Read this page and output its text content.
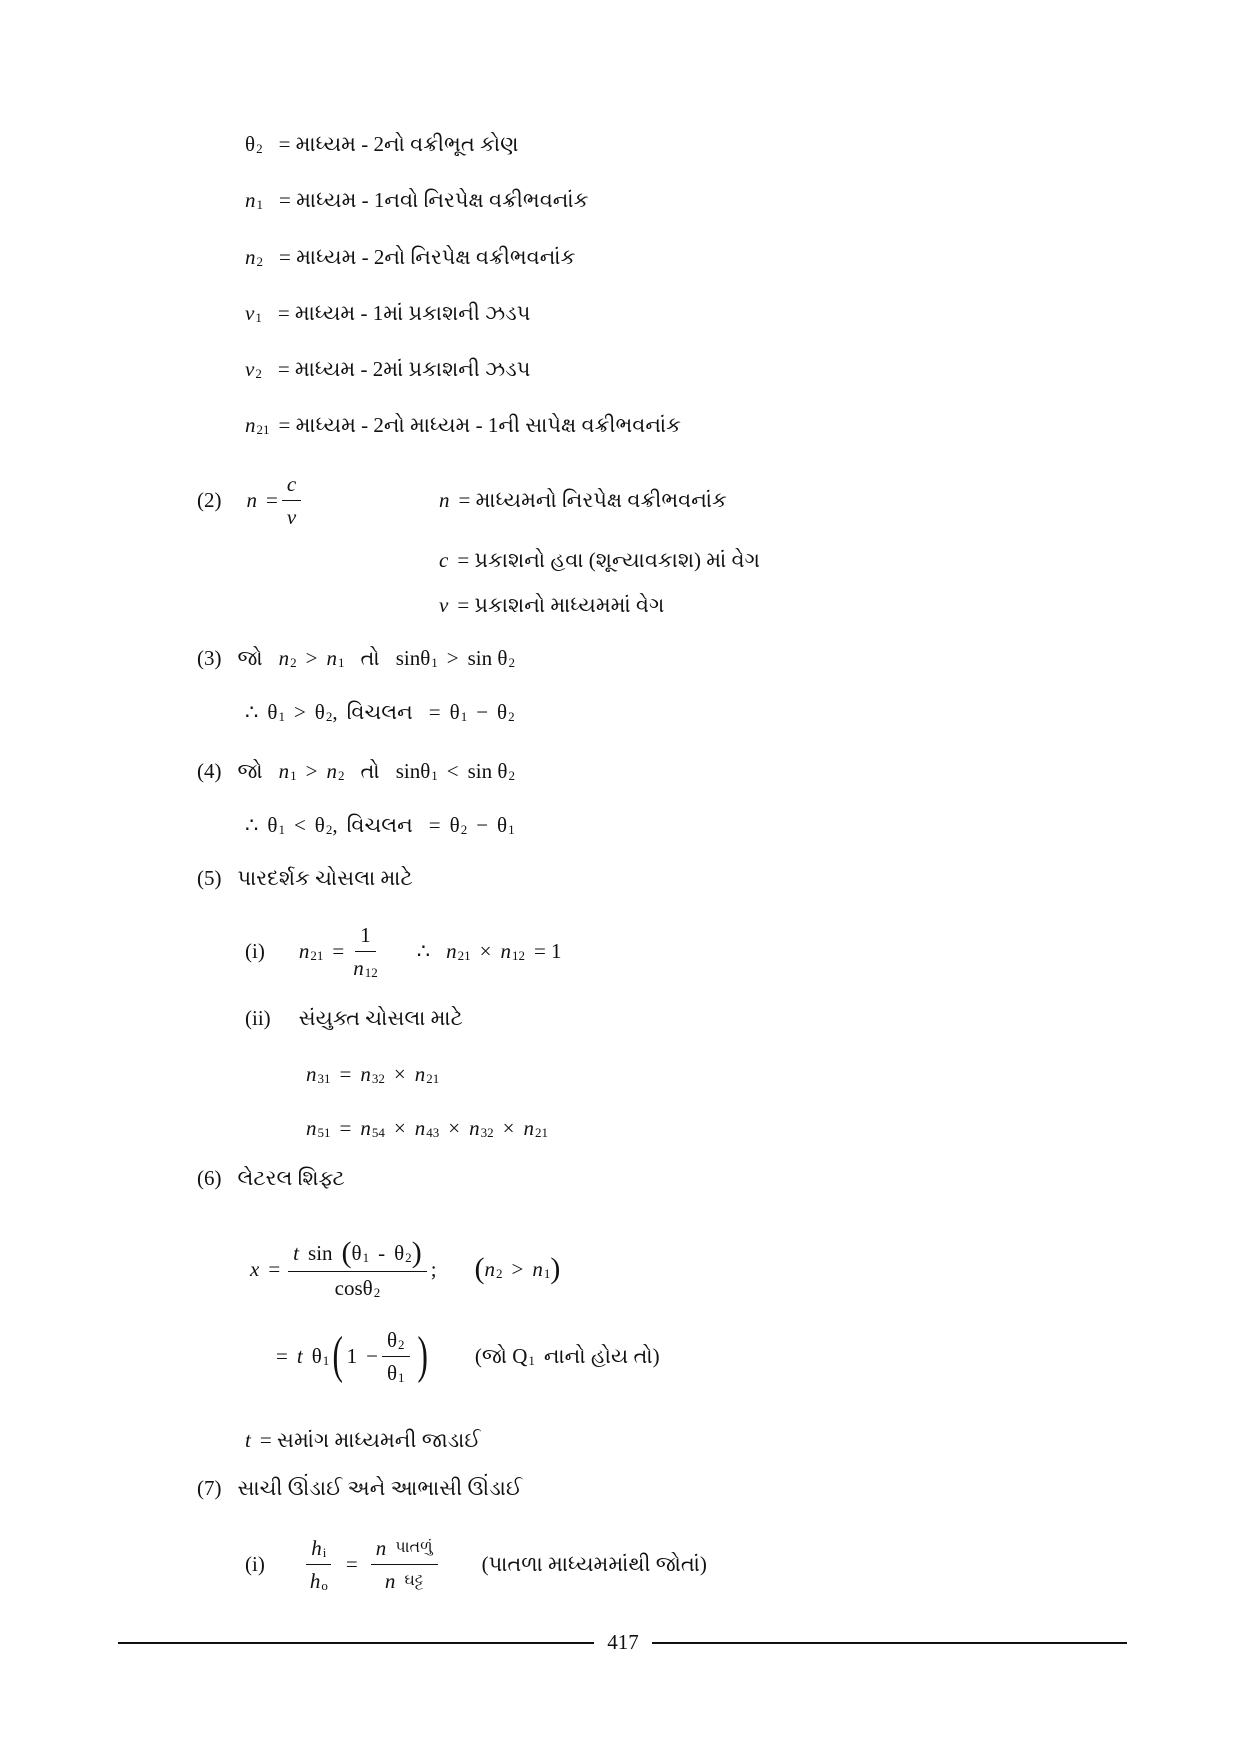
θ 2 = માધ્યમ - 2નો વક્રીભૂત કોણ
n 1 = માધ્યમ - 1નવો નિરપેક્ષ વક્રીભવનાંક
n 2 = માધ્યમ - 2નો નિરપેક્ષ વક્રીભવનાંક
v 1 = માધ્યમ - 1માં પ્રકાશની ઝડપ
v 2 = માધ્યમ - 2માં પ્રકાશની ઝડપ
n 21 = માધ્યમ - 2નો માધ્યમ - 1ની સાપેક્ષ વક્રીભવનાંક
(2) $n = \frac{c}{v}$	n = માધ્યમનો નિરપેક્ષ વક્રીભવનાંક
c = પ્રકાશનો હવા (શૂન્યાવકાશ) માં વેગ
v = પ્રકાશનો માધ્યમમાં વેગ
(3) જો n 2 > n 1 તો sinθ 1 > sin θ 2
∴ θ 1 > θ 2 , વિચલન = θ 1 − θ 2
(4) જો n 1 > n 2 તો sinθ 1 < sin θ 2
∴ θ 1 < θ 2 , વિચલન = θ 2 − θ 1
(5) પારદર્શક ચોસલા માટે
(i) n $21 = \frac{1}{n 12}$ ∴ n 21 × n 12 = 1
(ii) સંયુક્ત ચોસલા માટે
n 31 = n 32 × n 21
n 51 = n 54 × n 43 × n 32 × n 21
(6) લેટરલ શિફ્ટ
x =
t sin ( θ 1 - θ 2 )
cosθ 2
; ( n 2 > n 1 )
= t θ 1 ( $1 - \frac{\theta 2}{\theta 1}$ ) (જો Q 1 નાનો હોય તો)
t = સમાંગ માધ્યમની જાડાઈ
(7) સાચી ઊંડાઈ અને આભાસી ઊંડાઈ
$(i) \frac{\text{h i}}{\text{h o}} = \frac{\text{n પાતળું}}{\text{n ઘટ્ટ}}$ (પાતળા માધ્યમમાંથી જોતાં)
417
